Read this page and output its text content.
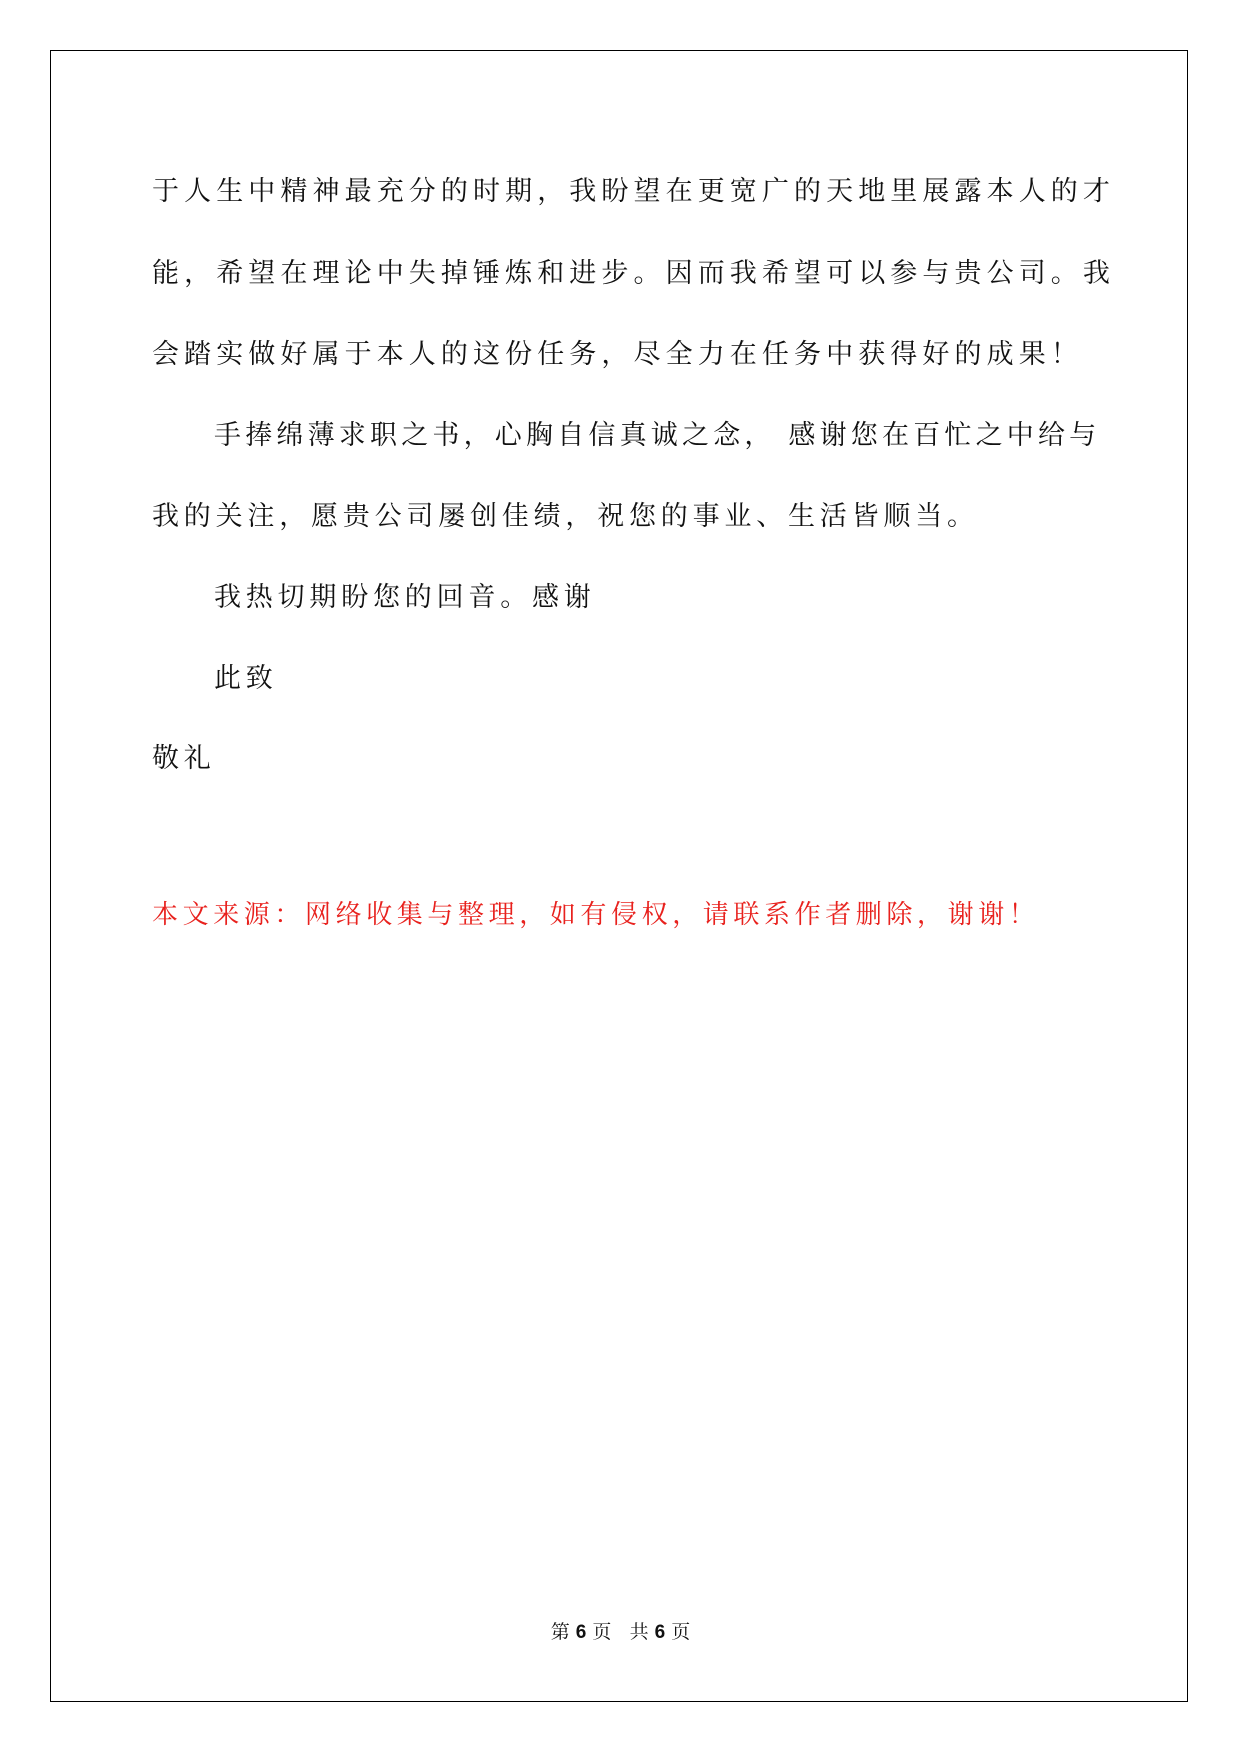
于人生中精神最充分的时期，我盼望在更宽广的天地里展露本人的才
能，希望在理论中失掉锤炼和进步。因而我希望可以参与贵公司。我
会踏实做好属于本人的这份任务，尽全力在任务中获得好的成果！
手捧绵薄求职之书，心胸自信真诚之念， 感谢您在百忙之中给与
我的关注，愿贵公司屡创佳绩，祝您的事业、生活皆顺当。
我热切期盼您的回音。感谢
此致
敬礼
本文来源：网络收集与整理，如有侵权，请联系作者删除，谢谢！
第 6 页 共 6 页
